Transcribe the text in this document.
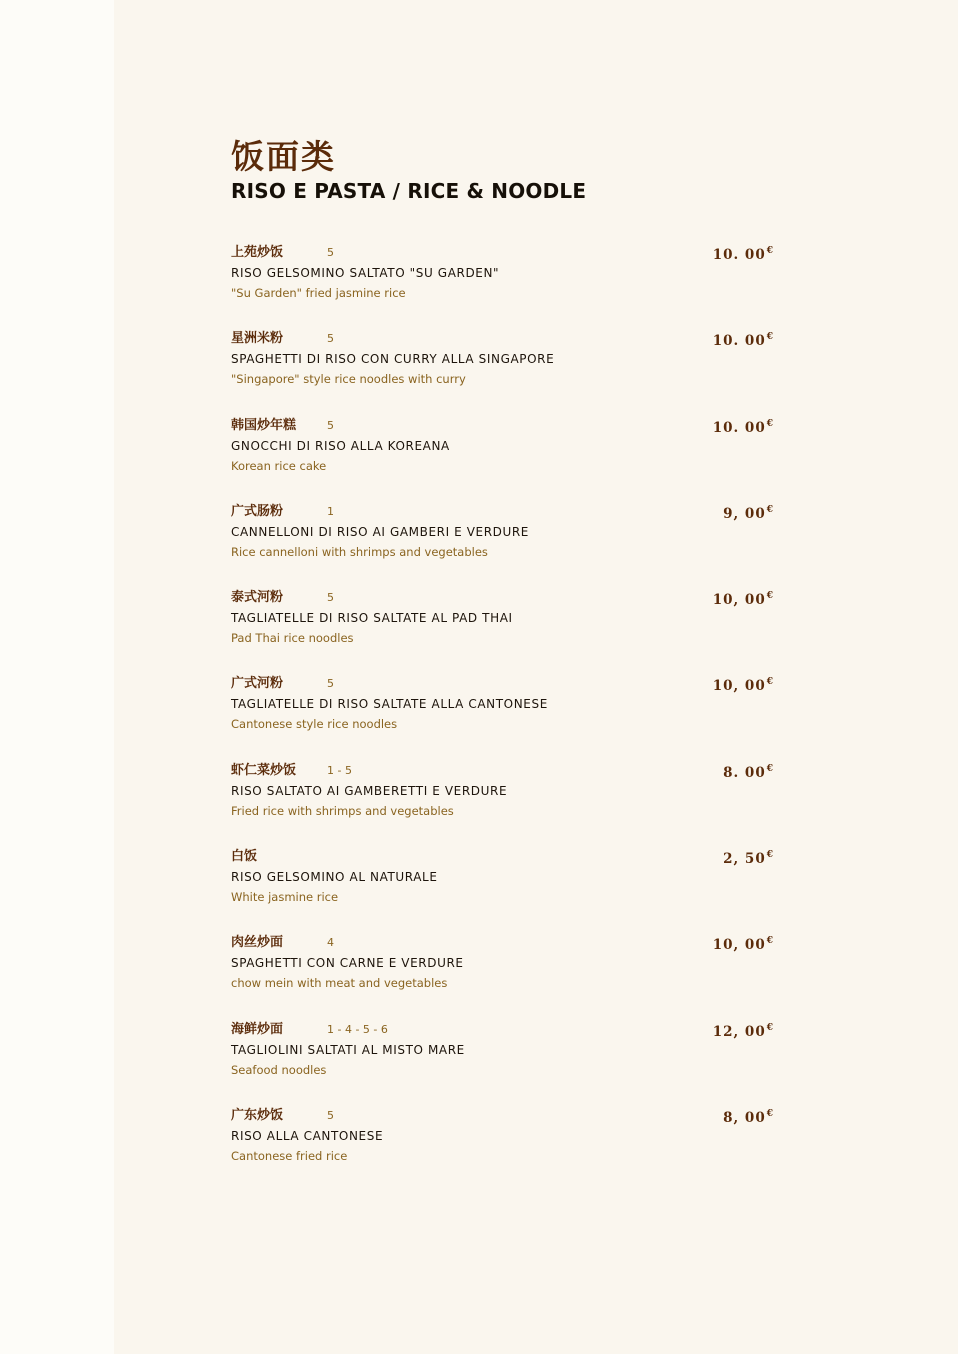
饭面类
RISO E PASTA / RICE & NOODLE
上苑炒饭	5
RISO GELSOMINO SALTATO "SU GARDEN"
"Su Garden" fried jasmine rice
10. 00€
星洲米粉	5
SPAGHETTI DI RISO CON CURRY ALLA SINGAPORE
"Singapore" style rice noodles with curry
10. 00€
韩国炒年糕	5
GNOCCHI DI RISO ALLA KOREANA
Korean rice cake
10. 00€
广式肠粉	1
CANNELLONI DI RISO AI GAMBERI E VERDURE
Rice cannelloni with shrimps and vegetables
9, 00€
泰式河粉	5
TAGLIATELLE DI RISO SALTATE AL PAD THAI
Pad Thai rice noodles
10, 00€
广式河粉	5
TAGLIATELLE DI RISO SALTATE ALLA CANTONESE
Cantonese style rice noodles
10, 00€
虾仁菜炒饭	1 - 5
RISO SALTATO AI GAMBERETTI E VERDURE
Fried rice with shrimps and vegetables
8. 00€
白饭
RISO GELSOMINO AL NATURALE
White jasmine rice
2, 50€
肉丝炒面	4
SPAGHETTI CON CARNE E VERDURE
chow mein with meat and vegetables
10, 00€
海鲜炒面	1 - 4 - 5 - 6
TAGLIOLINI SALTATI AL MISTO MARE
Seafood noodles
12, 00€
广东炒饭	5
RISO ALLA CANTONESE
Cantonese fried rice
8, 00€
